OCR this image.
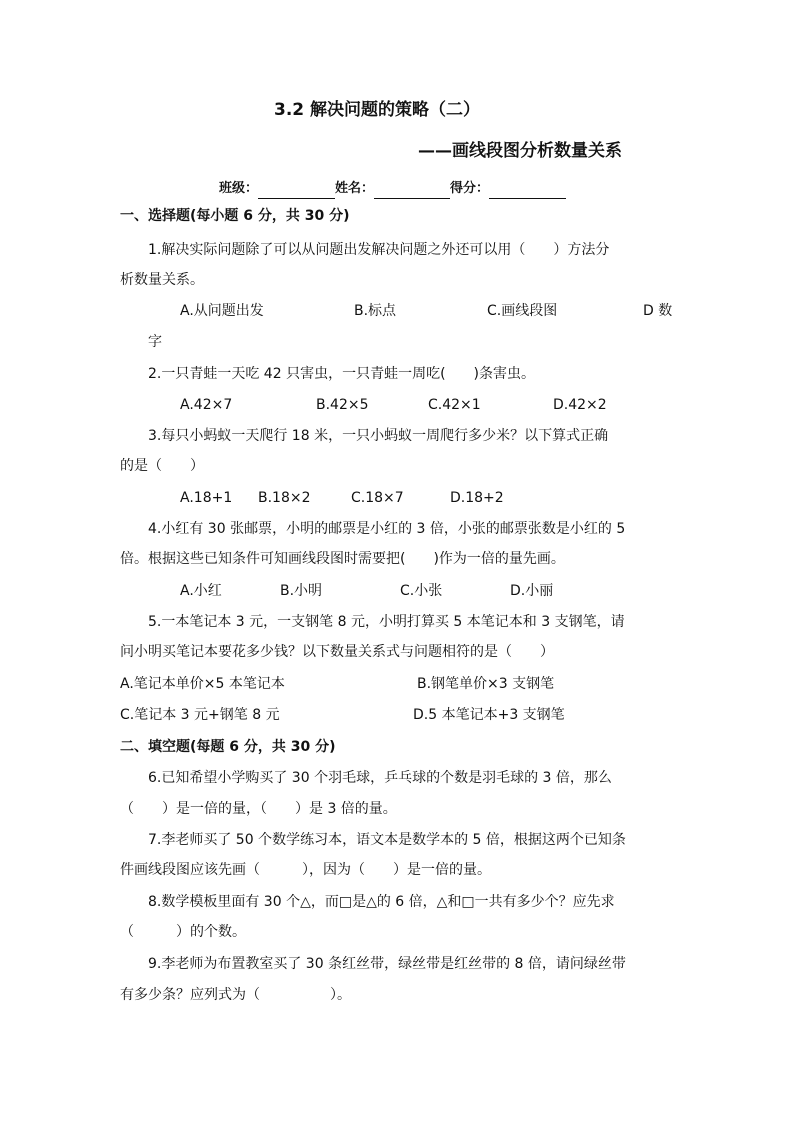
3.2 解决问题的策略（二）
——画线段图分析数量关系
班级：	姓名：	得分：
一、选择题(每小题 6 分，共 30 分)
1.解决实际问题除了可以从问题出发解决问题之外还可以用（　　）方法分
析数量关系。
A.从问题出发	B.标点	C.画线段图	D 数
字
2.一只青蛙一天吃 42 只害虫，一只青蛙一周吃(　　)条害虫。
A.42×7	B.42×5	C.42×1	D.42×2
3.每只小蚂蚁一天爬行 18 米，一只小蚂蚁一周爬行多少米？以下算式正确
的是（　　）
A.18+1 B.18×2	C.18×7	D.18+2
4.小红有 30 张邮票，小明的邮票是小红的 3 倍，小张的邮票张数是小红的 5
倍。根据这些已知条件可知画线段图时需要把(　　)作为一倍的量先画。
A.小红	B.小明	C.小张	D.小丽
5.一本笔记本 3 元，一支钢笔 8 元，小明打算买 5 本笔记本和 3 支钢笔，请
问小明买笔记本要花多少钱？以下数量关系式与问题相符的是（　　）
A.笔记本单价×5 本笔记本	B.钢笔单价×3 支钢笔
C.笔记本 3 元+钢笔 8 元	D.5 本笔记本+3 支钢笔
二、填空题(每题 6 分，共 30 分)
6.已知希望小学购买了 30 个羽毛球，乒乓球的个数是羽毛球的 3 倍，那么
（　　）是一倍的量，（　　）是 3 倍的量。
7.李老师买了 50 个数学练习本，语文本是数学本的 5 倍，根据这两个已知条
件画线段图应该先画（　　　），因为（　　）是一倍的量。
8.数学模板里面有 30 个△，而□是△的 6 倍，△和□一共有多少个？应先求
（　　　）的个数。
9.李老师为布置教室买了 30 条红丝带，绿丝带是红丝带的 8 倍，请问绿丝带
有多少条？应列式为（　　　　　）。
